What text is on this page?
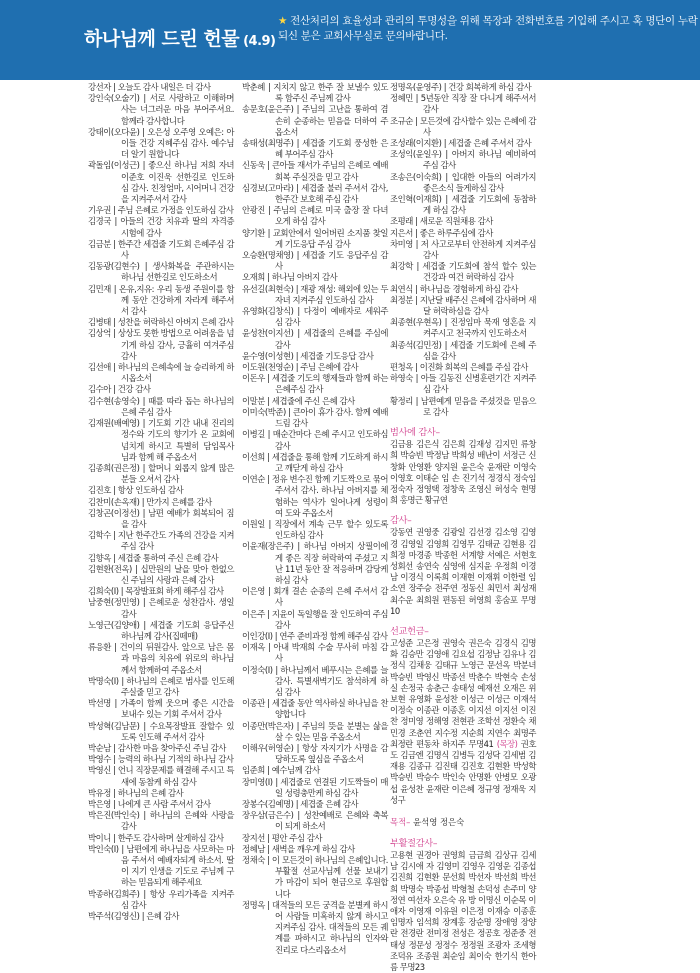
하나님께 드린 헌물 (4.9)
★ 전산처리의 효율성과 관리의 투명성을 위해 목장과 전화번호를 기입해 주시고 혹 명단이 누락되신 분은 교회사무실로 문의바랍니다.
강선자 | 오늘도 감사 내일은 더 감사
강인숙(오술기) | 서로 사랑하고 이해하며 사는 너그러운 마음 부어주셔요. 함께라 감사합니다
강태이(오다윤) | 오은성 오주영 오예은: 아이들 건강 지혜주심 감사. 예수님 더 알기 원합니다
곽돌임(이성근) | 좋으신 하나님 저희 자녀 이준호 이진욱 선한길로 인도하심 감사. 친정엄마, 시어머니 건강을 지켜주셔서 감사
기우권 | 주님 은혜로 가정을 인도하심 감사
김경국 | 아들의 건강 치유과 딸의 자격증 시험에 감사
김금분 | 한주간 세겹줄 기도회 은혜주심 감사
김동광(김현수) | 생사화복을 주관하시는 하나님 선한길로 인도하소서
김민재 | 온유,지유: 우리 동생 주원이를 함께 동안 건강하게 자라게 해주셔서 감사
김병태 | 성찬을 허락하신 아버지 은혜 감사
김상억 | 상상도 못한 방법으로 어려움을 넘기게 하심 감사, 긍휼히 여겨주심 감사
김선애 | 하나님의 은혜속에 늘 승리하게 하시옵소서
김수아 | 건강 감사
김수현(송영숙) | 때를 따라 돕는 하나님의 은혜 주심 감사
김재원(배예영) | 기도회 기간 내내 진리의 정수와 기도의 향기가 온 교회에 넘치게 하시고 특별히 담임목사님과 함께 해 주옵소서
김종희(권은정) | 할머니 외롭지 않게 많은 분들 오셔서 감사
김진호 | 항상 인도하심 감사
김찬미(손옥재) | 만가지 은혜를 감사
김창곤(이정선) | 남편 예배가 회복되어 짐을 감사
김학수 | 지난 한주간도 가족의 건강을 지켜주심 감사
김향옥 | 세겹줄 통하여 주신 은혜 감사
김현환(전옥) | 십만원의 날을 맞아 한없으신 주님의 사랑과 은혜 감사
김희숙(I) | 목장발표회 하게 해주심 감사
남중현(정민영) | 은혜로운 성찬감사. 생일감사
노영근(김양애) | 세겹줄 기도회 응답주신 하나님께 감사(집떼매)
류응환 | 건이의 뒤원감사. 앞으로 남은 몸과 마음의 치유에 위로의 하나님께서 함께하여 주옵소서
박명숙(I) | 하나님의 은혜로 범사를 인도해 주실줄 믿고 감사
박선명 | 가족이 함께 웃으며 좋은 시간을 보내수 있는 기회 주셔서 감사
박성혁(김남문) | 수요목장발표 잘할수 있도록 인도해 주셔서 감사
박순남 | 감사한 마음 찾아주신 주님 감사
박영수 | 능력의 하나님 기적의 하나님 감사
박영신 | 언니 직장문제를 해결해 주시고 특새에 동참케 하심 감사
박유정 | 하나님의 은혜 감사
박은영 | 나에게 큰 사람 주셔서 감사
박은진(박인숙) | 하나님의 은혜와 사랑을 감사
박이니 | 한주도 감사하며 살게하심 감사
박인숙(I) | 남편에게 하나님을 사모하는 마음 주셔서 예배자되게 하소서. 딸이 지기 인생을 기도로 주님께 구하는 믿음되게 해주세요
박종하(김희주) | 항상 우리가족을 지켜주심 감사
박주석(김영신) | 은혜 감사
박춘혜 | 지치지 않고 한주 잘 보낼수 있도록 함주신 주님께 감사
송문호(윤은주) | 주님의 고난을 통하여 겸손히 순종하는 믿음을 더하여 주옵소서
송태성(최명주) | 세겹줄 기도회 풍성한 은혜 부어주심 감사
신동욱 | 큰아들 재서가 주님의 은혜로 예배 회복 주실것을 믿고 감사
심경보(고마라) | 세겹줄 불러 주셔서 감사, 한주간 보호해 주심 감사
안광진 | 주님의 은혜로 미국 출장 잘 다녀오게 하심 감사
양기환 | 교회안에서 일어버린 소지품 찾일게 기도응답 주심 감사
오승환(명채영) | 세겹줄 기도 응답주심 감사
오재희 | 하나님 아버지 감사
유선길(최현숙) | 재광 재성: 해외에 있는 두 자녀 지켜주심 인도하심 감사
유영화(김창식) | 다정이 예배자로 세워주심 감사
윤성찬(이지선) | 세겹줄의 은혜를 주심에 감사
윤수영(이성현) | 세겹줄 기도응답 감사
이도원(천영순) | 주님 은혜에 감사
이돈우 | 세겹줄 기도의 행제들과 함께 하는 은혜주심 감사
이말분 | 세겹줄에 주신 은혜 감사
이미숙(박준) | 큰아이 휴가 감사. 함께 예배드림 감사
이병길 | 매순간마다 은혜 주시고 인도하심 감사
이선희 | 세겹줄을 통해 함께 기도하게 하시고 깨닫게 하심 감사
이연순 | 정유 변수진 함께 기도짝으로 묶어 주셔서 감사. 하나님 아버지를 체험하는 역사가 일어나게 성령이여 도와 주옵소서
이원일 | 직장에서 계속 근무 할수 있도록 인도하심 감사
이윤재(장은주) | 하나님 아버지 상필이에게 좋은 직장 허락하여 주셨고 지난 11년 동안 잘 적응하며 감당케 하심 감사
이은영 | 회개 결손 순종의 은혜 주셔서 감사
이은주 | 지윤이 독일행을 잘 인도하여 주심 감사
이인강(I) | 연주 준비과정 함께 해주심 감사
이재옥 | 아내 박재희 수술 무사히 마침 감사
이정숙(I) | 하나님께서 베푸시는 은혜를 늘 감사. 특별새벽기도 참석하게 하심 감사
이종관 | 세겹줄 동안 역사하실 하나님을 찬양합니다
이종만(박은자) | 주님의 뜻을 분별는 삶을 살 수 있는 믿음 주옵소서
이해우(허영순) | 항상 자지기가 사명을 감당하도록 옆심을 주옵소서
임준희 | 예수님께 감사
장미영(I) | 세겹줄로 연결된 기도짝들이 매일 성령충만케 하심 감사
장봉수(김예명) | 세겹줄 은혜 감사
장우삼(금은수) | 성찬예배로 은혜와 축복이 되게 하소서
장지선 | 평안 주심 감사
정혜남 | 새벽을 깨우게 하심 감사
정채숙 | 이 모든것이 하나님의 은혜입니다. 부활절 선교사님께 선물 보내기가 마감이 되어 현금으로 후원합니다
정명옥 | 대적들의 모든 궁격을 분별케 하시어 사람들 미혹하지 않게 하시고 지켜주심 감사. 대적들의 모든 궤계를 파하시고 하나님의 인자와 진리로 다스리옵소서
정명옥(윤영주) | 건강 회복하게 하심 감사
정혜민 | 5년동안 직장 잘 다니게 해주셔서 감사
조규순 | 모든것에 감사할수 있는 은혜에 감사
조성래(이지환) | 세겹줄 은혜 주셔서 감사
조성익(윤일우) | 아버지 하나님 예비하여 주심 감사
조송은(이숙희) | 입대한 아들의 어려가지 좋은소식 들게하심 감사
조인혁(이재희) | 세겹줄 기도회에 동참하게 하심 감사
조평래 | 새로운 직원채용 감사
지은서 | 좋은 하루주심에 감사
차미영 | 저 사고로부터 안전하게 지켜주심 감사
최강학 | 세겹줄 기도회에 참석 할수 있는 건강과 여건 허락하심 감사
최연식 | 하나님을 경험하게 하심 감사
최정분 | 지난달 배주신 은혜에 감사하며 새달 허락하심을 감사
최종현(우현옥) | 진정임마 묵재 영혼을 지켜주시고 천국까지 인도하소서
최종석(김민정) | 세겹줄 기도회에 은혜 주심을 감사
편청옥 | 이진화 회복의 은혜를 주심 감사
하영숙 | 아들 김동진 신병훈련기간 지켜주심 감사
황정리 | 남편예게 믿음을 주셨것을 믿음으로 감사
범사에 감사–
김금용 김은식 김은희 김재성 김지민 류창희 박승빈 박정남 박희성 배난이 서정근 신창화 안영환 양지원 윤은숙 윤재란 이영숙 이영호 이태순 임 손 진기석 정경식 정숙임 정숙자 정영택 정창욱 조영신 허성숙 현명희 홍명근 황규연
감사–
강동연 권영중 김광일 김선경 김소영 김영경 김영일 김영희 김영무 김태균 김현용 김희정 마경종 박종헌 서계향 서예은 서현호 성회선 송연숙 심영애 심지윤 우정희 이경남 이경식 이록희 이재현 이재휘 이한렬 임소연 장주승 전주연 정동신 최민서 최성재 최수운 최희원 편동된 허영희 홍숨포 무명10
선교헌금–
고성준 고은정 권영숙 권은숙 김경식 김명화 김승만 김영애 김요섭 김정남 김유나 김정식 김채웅 김태규 노영근 문선옥 박분녀 박승빈 박영신 박종선 박춘수 박현숙 손성실 손정국 송춘근 송태성 예재선 오재은 위보현 유영화 윤성찬 이성근 이성근 이재석 이정숙 이종관 이종혼 이지선 이지선 이진찬 정미영 정해영 전현관 조학선 정환숙 채민경 조춘연 지수정 지순희 지연수 최명주 최정란 편동차 하지주 무명41 (목장) 권호도 김금엔 김명식 김병득 김성닥 김세범 김재용 김종규 김진태 김진호 김현환 박성학 박승빈 박승수 박인숙 안명환 안병모 오광섭 윤성찬 윤재란 이은혜 정규영 정재욱 지성구
목적– 윤석영 정은숙
부활절감사–
고용현 권경아 권영희 금금희 김상규 김세남 김시애 자 김영미 김영우 김영운 김종섭 김진희 김현환 문선희 박선자 박선희 박선희 박명숙 박종섭 박형철 손덕성 손주미 양정연 여선자 오은숙 유 방 이명신 이순목 이애자 이영재 이유원 이은정 이재승 이종훈 임명자 임석희 장계홍 장순명 장애영 장양란 전경란 전미정 전성은 정공호 정준중 전태성 정문성 정정수 정정원 조광자 조세형 조덕유 조종원 최순임 최이숙 한기식 한아름 무명23
